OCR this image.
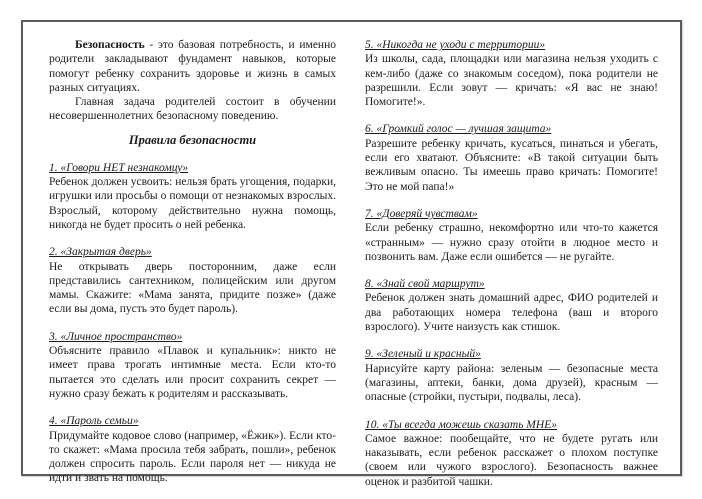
Безопасность - это базовая потребность, и именно родители закладывают фундамент навыков, которые помогут ребенку сохранить здоровье и жизнь в самых разных ситуациях.

Главная задача родителей состоит в обучении несовершеннолетних безопасному поведению.

Правила безопасности

1. «Говори НЕТ незнакомцу»

Ребенок должен усвоить: нельзя брать угощения, подарки, игрушки или просьбы о помощи от незнакомых взрослых. Взрослый, которому действительно нужна помощь, никогда не будет просить о ней ребенка.

2. «Закрытая дверь»

Не открывать дверь посторонним, даже если представились сантехником, полицейским или другом мамы. Скажите: «Мама занята, придите позже» (даже если вы дома, пусть это будет пароль).

3. «Личное пространство»

Объясните правило «Плавок и купальник»: никто не имеет права трогать интимные места. Если кто-то пытается это сделать или просит сохранить секрет — нужно сразу бежать к родителям и рассказывать.

4. «Пароль семьи»

Придумайте кодовое слово (например, «Ёжик»). Если кто-то скажет: «Мама просила тебя забрать, пошли», ребенок должен спросить пароль. Если пароля нет — никуда не идти и звать на помощь.

5. «Никогда не уходи с территории»

Из школы, сада, площадки или магазина нельзя уходить с кем-либо (даже со знакомым соседом), пока родители не разрешили. Если зовут — кричать: «Я вас не знаю! Помогите!».

6. «Громкий голос — лучшая защита»

Разрешите ребенку кричать, кусаться, пинаться и убегать, если его хватают. Объясните: «В такой ситуации быть вежливым опасно. Ты имеешь право кричать: Помогите! Это не мой папа!»

7. «Доверяй чувствам»

Если ребенку страшно, некомфортно или что-то кажется «странным» — нужно сразу отойти в людное место и позвонить вам. Даже если ошибется — не ругайте.

8. «Знай свой маршрут»

Ребенок должен знать домашний адрес, ФИО родителей и два работающих номера телефона (ваш и второго взрослого). Учите наизусть как стишок.

9. «Зеленый и красный»

Нарисуйте карту района: зеленым — безопасные места (магазины, аптеки, банки, дома друзей), красным — опасные (стройки, пустыри, подвалы, леса).

10. «Ты всегда можешь сказать МНЕ»

Самое важное: пообещайте, что не будете ругать или наказывать, если ребенок расскажет о плохом поступке (своем или чужого взрослого). Безопасность важнее оценок и разбитой чашки.
